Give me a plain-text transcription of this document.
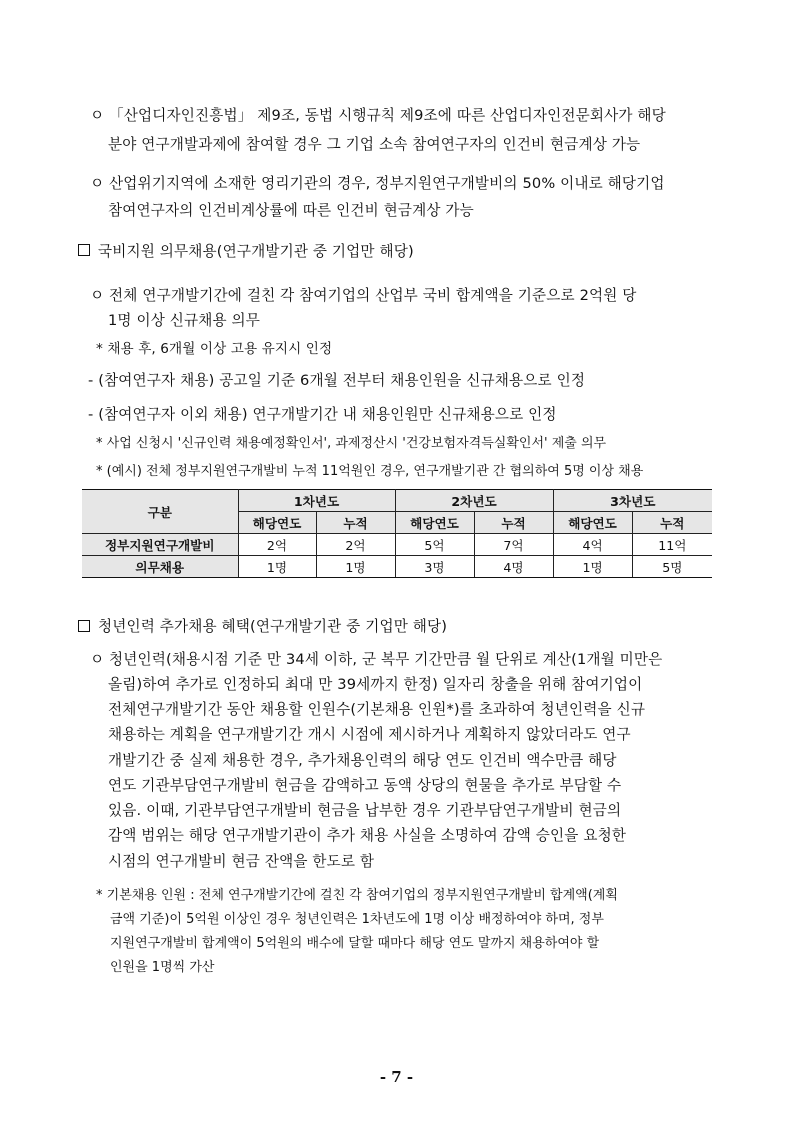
ㅇ 「산업디자인진흥법」 제9조, 동법 시행규칙 제9조에 따른 산업디자인전문회사가 해당
분야 연구개발과제에 참여할 경우 그 기업 소속 참여연구자의 인건비 현금계상 가능
ㅇ 산업위기지역에 소재한 영리기관의 경우, 정부지원연구개발비의 50% 이내로 해당기업
참여연구자의 인건비계상률에 따른 인건비 현금계상 가능
국비지원 의무채용(연구개발기관 중 기업만 해당)
ㅇ 전체 연구개발기간에 걸친 각 참여기업의 산업부 국비 합계액을 기준으로 2억원 당
1명 이상 신규채용 의무
* 채용 후, 6개월 이상 고용 유지시 인정
- (참여연구자 채용) 공고일 기준 6개월 전부터 채용인원을 신규채용으로 인정
- (참여연구자 이외 채용) 연구개발기간 내 채용인원만 신규채용으로 인정
* 사업 신청시 '신규인력 채용예정확인서', 과제정산시 '건강보험자격득실확인서' 제출 의무
* (예시) 전체 정부지원연구개발비 누적 11억원인 경우, 연구개발기관 간 협의하여 5명 이상 채용
구분	1차년도		2차년도		3차년도	
	해당연도	누적	해당연도	누적	해당연도	누적
정부지원연구개발비	2억	2억	5억	7억	4억	11억
의무채용	1명	1명	3명	4명	1명	5명
청년인력 추가채용 혜택(연구개발기관 중 기업만 해당)
ㅇ 청년인력(채용시점 기준 만 34세 이하, 군 복무 기간만큼 월 단위로 계산(1개월 미만은
올림)하여 추가로 인정하되 최대 만 39세까지 한정) 일자리 창출을 위해 참여기업이
전체연구개발기간 동안 채용할 인원수(기본채용 인원*)를 초과하여 청년인력을 신규
채용하는 계획을 연구개발기간 개시 시점에 제시하거나 계획하지 않았더라도 연구
개발기간 중 실제 채용한 경우, 추가채용인력의 해당 연도 인건비 액수만큼 해당
연도 기관부담연구개발비 현금을 감액하고 동액 상당의 현물을 추가로 부담할 수
있음. 이때, 기관부담연구개발비 현금을 납부한 경우 기관부담연구개발비 현금의
감액 범위는 해당 연구개발기관이 추가 채용 사실을 소명하여 감액 승인을 요청한
시점의 연구개발비 현금 잔액을 한도로 함
* 기본채용 인원 : 전체 연구개발기간에 걸친 각 참여기업의 정부지원연구개발비 합계액(계획
금액 기준)이 5억원 이상인 경우 청년인력은 1차년도에 1명 이상 배정하여야 하며, 정부
지원연구개발비 합계액이 5억원의 배수에 달할 때마다 해당 연도 말까지 채용하여야 할
인원을 1명씩 가산
- 7 -
